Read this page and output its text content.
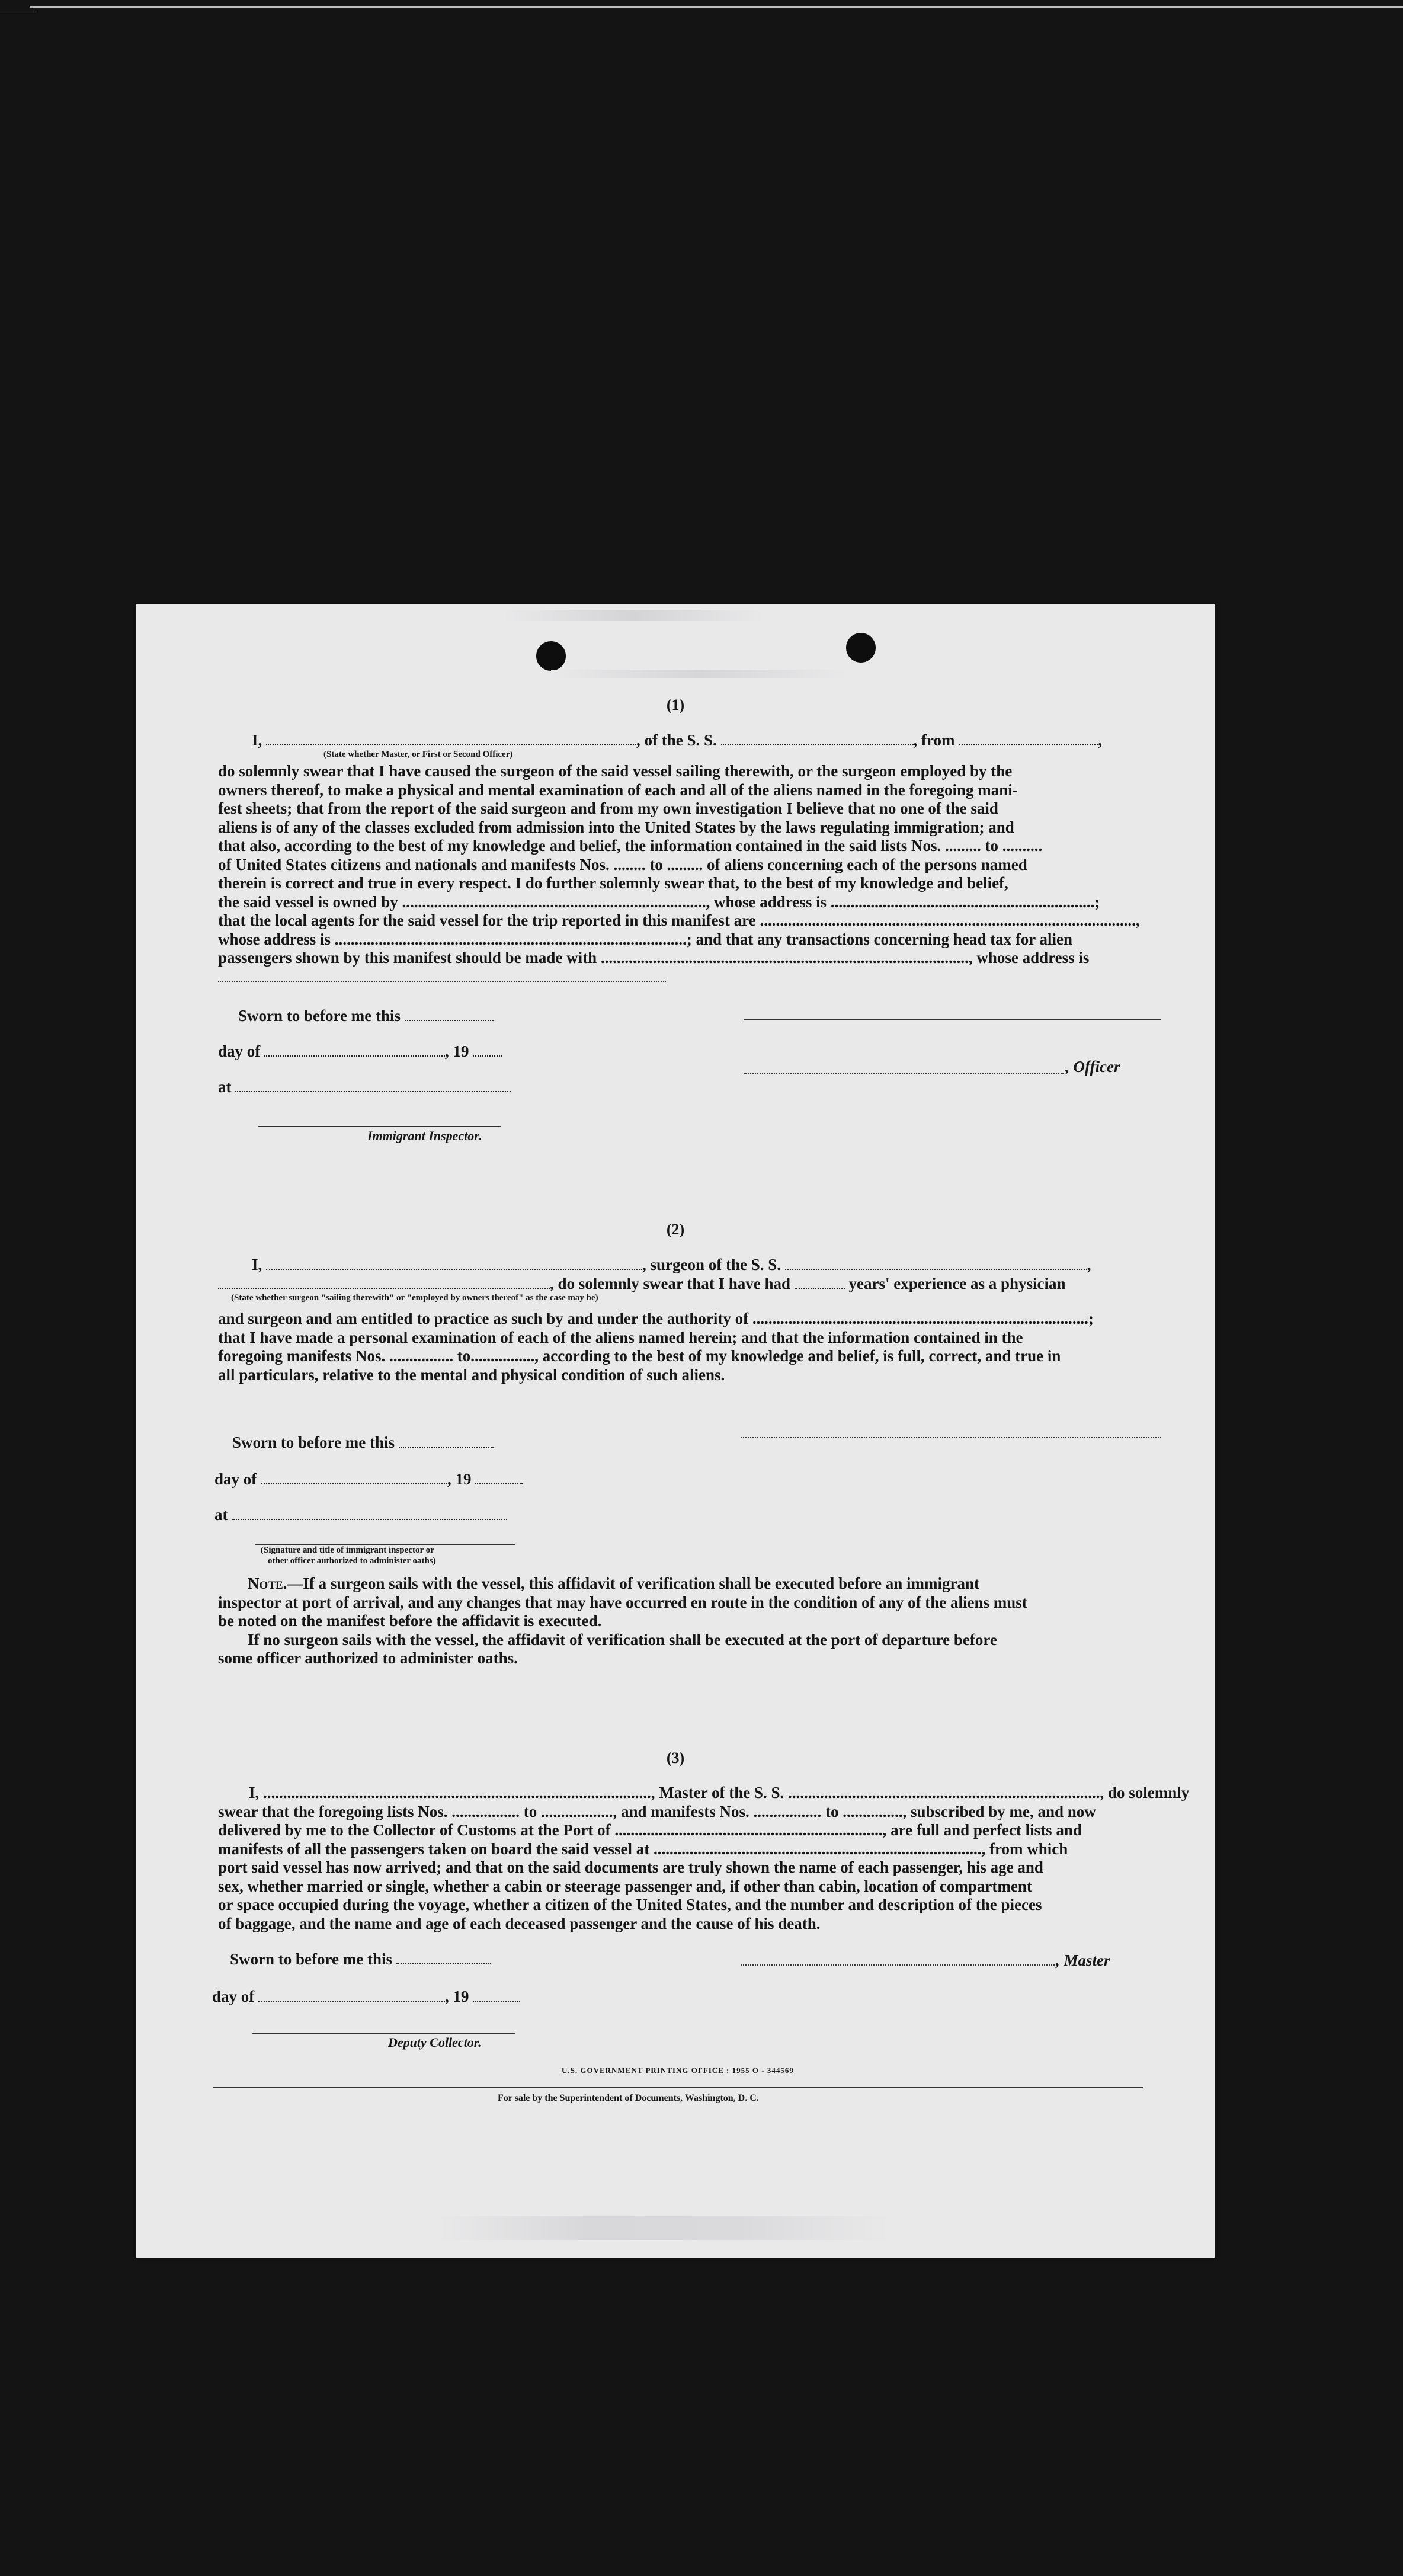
(1)
I,	, of the S. S.	, from	,
(State whether Master, or First or Second Officer)
do solemnly swear that I have caused the surgeon of the said vessel sailing therewith, or the surgeon employed by the
owners thereof, to make a physical and mental examination of each and all of the aliens named in the foregoing mani-
fest sheets; that from the report of the said surgeon and from my own investigation I believe that no one of the said
aliens is of any of the classes excluded from admission into the United States by the laws regulating immigration; and
that also, according to the best of my knowledge and belief, the information contained in the said lists Nos. ......... to ..........
of United States citizens and nationals and manifests Nos. ........ to ......... of aliens concerning each of the persons named
therein is correct and true in every respect. I do further solemnly swear that, to the best of my knowledge and belief,
the said vessel is owned by ............................................................................, whose address is ..................................................................;
that the local agents for the said vessel for the trip reported in this manifest are ..............................................................................................,
whose address is ........................................................................................; and that any transactions concerning head tax for alien
passengers shown by this manifest should be made with ............................................................................................, whose address is
Sworn to before me this
day of	, 19
, Officer
at
Immigrant Inspector.
(2)
I,	, surgeon of the S. S.	,
, do solemnly swear that I have had	years' experience as a physician
(State whether surgeon "sailing therewith" or "employed by owners thereof" as the case may be)
and surgeon and am entitled to practice as such by and under the authority of ....................................................................................;
that I have made a personal examination of each of the aliens named herein; and that the information contained in the
foregoing manifests Nos. ................ to................, according to the best of my knowledge and belief, is full, correct, and true in
all particulars, relative to the mental and physical condition of such aliens.
Sworn to before me this
day of	, 19
at
(Signature and title of immigrant inspector or
other officer authorized to administer oaths)
Note.—If a surgeon sails with the vessel, this affidavit of verification shall be executed before an immigrant
inspector at port of arrival, and any changes that may have occurred en route in the condition of any of the aliens must
be noted on the manifest before the affidavit is executed.
If no surgeon sails with the vessel, the affidavit of verification shall be executed at the port of departure before
some officer authorized to administer oaths.
(3)
I, ................................................................................................., Master of the S. S. .............................................................................., do solemnly
swear that the foregoing lists Nos. ................. to .................., and manifests Nos. ................. to ..............., subscribed by me, and now
delivered by me to the Collector of Customs at the Port of ..................................................................., are full and perfect lists and
manifests of all the passengers taken on board the said vessel at .................................................................................., from which
port said vessel has now arrived; and that on the said documents are truly shown the name of each passenger, his age and
sex, whether married or single, whether a cabin or steerage passenger and, if other than cabin, location of compartment
or space occupied during the voyage, whether a citizen of the United States, and the number and description of the pieces
of baggage, and the name and age of each deceased passenger and the cause of his death.
Sworn to before me this	, Master
day of	, 19
Deputy Collector.
U.S. GOVERNMENT PRINTING OFFICE : 1955 O - 344569
For sale by the Superintendent of Documents, Washington, D. C.
